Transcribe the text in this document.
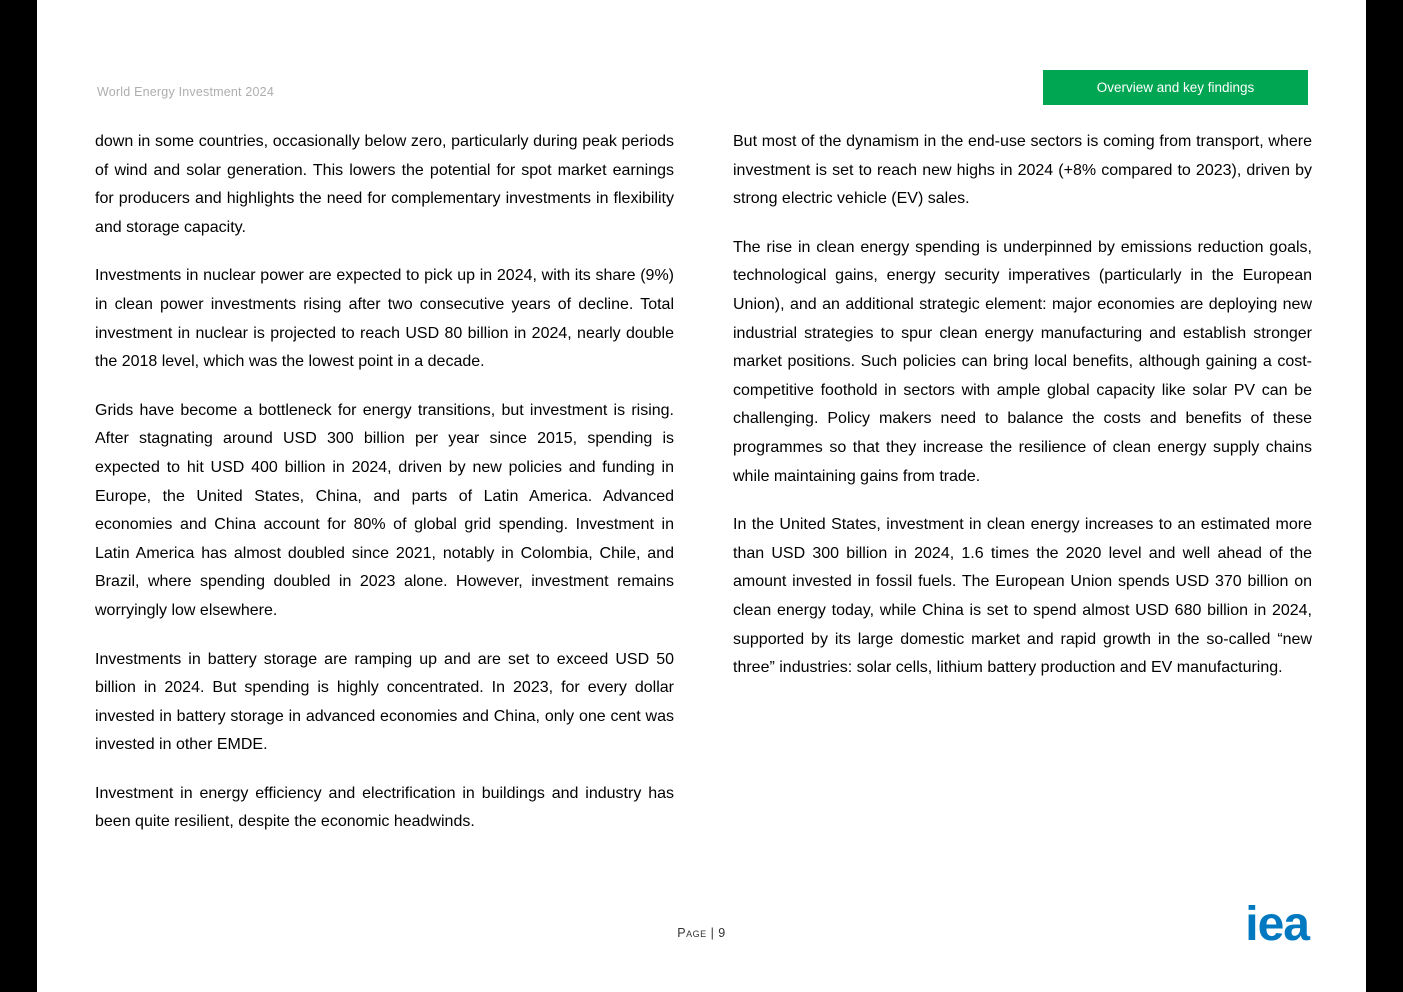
World Energy Investment 2024	Overview and key findings

down in some countries, occasionally below zero, particularly during peak periods of wind and solar generation. This lowers the potential for spot market earnings for producers and highlights the need for complementary investments in flexibility and storage capacity.

Investments in nuclear power are expected to pick up in 2024, with its share (9%) in clean power investments rising after two consecutive years of decline. Total investment in nuclear is projected to reach USD 80 billion in 2024, nearly double the 2018 level, which was the lowest point in a decade.

Grids have become a bottleneck for energy transitions, but investment is rising. After stagnating around USD 300 billion per year since 2015, spending is expected to hit USD 400 billion in 2024, driven by new policies and funding in Europe, the United States, China, and parts of Latin America. Advanced economies and China account for 80% of global grid spending. Investment in Latin America has almost doubled since 2021, notably in Colombia, Chile, and Brazil, where spending doubled in 2023 alone. However, investment remains worryingly low elsewhere.

Investments in battery storage are ramping up and are set to exceed USD 50 billion in 2024. But spending is highly concentrated. In 2023, for every dollar invested in battery storage in advanced economies and China, only one cent was invested in other EMDE.

Investment in energy efficiency and electrification in buildings and industry has been quite resilient, despite the economic headwinds.

But most of the dynamism in the end-use sectors is coming from transport, where investment is set to reach new highs in 2024 (+8% compared to 2023), driven by strong electric vehicle (EV) sales.

The rise in clean energy spending is underpinned by emissions reduction goals, technological gains, energy security imperatives (particularly in the European Union), and an additional strategic element: major economies are deploying new industrial strategies to spur clean energy manufacturing and establish stronger market positions. Such policies can bring local benefits, although gaining a cost-competitive foothold in sectors with ample global capacity like solar PV can be challenging. Policy makers need to balance the costs and benefits of these programmes so that they increase the resilience of clean energy supply chains while maintaining gains from trade.

In the United States, investment in clean energy increases to an estimated more than USD 300 billion in 2024, 1.6 times the 2020 level and well ahead of the amount invested in fossil fuels. The European Union spends USD 370 billion on clean energy today, while China is set to spend almost USD 680 billion in 2024, supported by its large domestic market and rapid growth in the so-called “new three” industries: solar cells, lithium battery production and EV manufacturing.

Page | 9	iea
